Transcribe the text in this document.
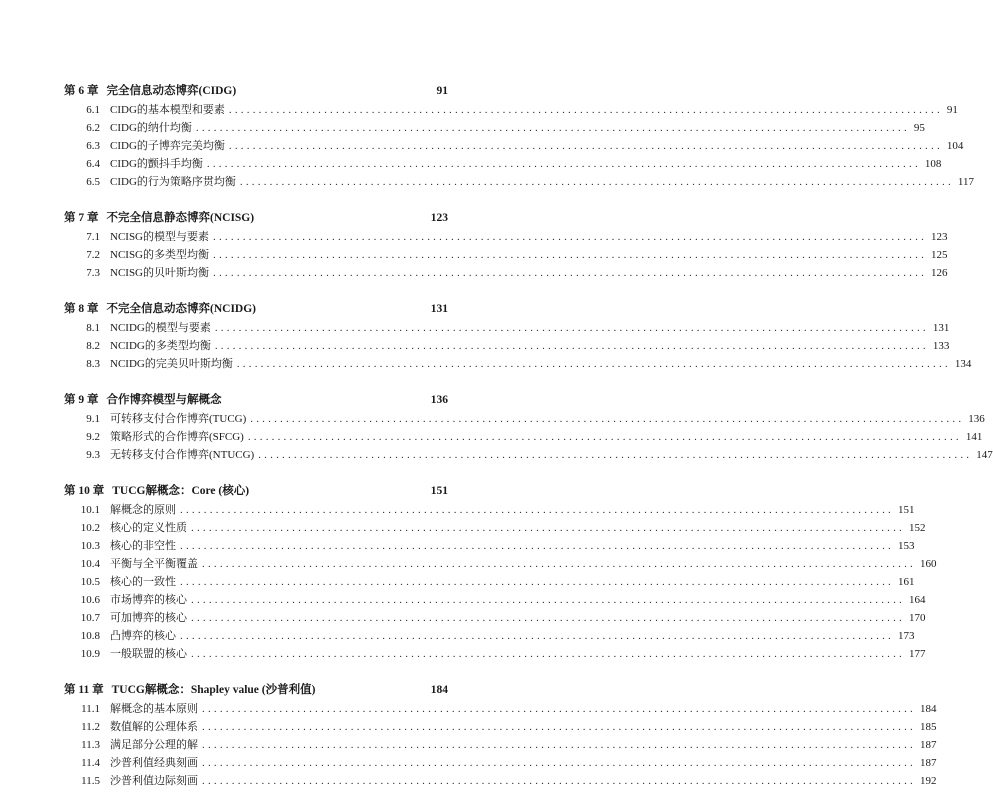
第 6 章 完全信息动态博弈(CIDG)	91
6.1 CIDG的基本模型和要素 ........................................................................................................................ 91
6.2 CIDG的纳什均衡 ........................................................................................................................ 95
6.3 CIDG的子博弈完美均衡 ........................................................................................................................ 104
6.4 CIDG的颤抖手均衡 ........................................................................................................................ 108
6.5 CIDG的行为策略序贯均衡 ........................................................................................................................ 117
第 7 章 不完全信息静态博弈(NCISG)	123
7.1 NCISG的模型与要素 ........................................................................................................................ 123
7.2 NCISG的多类型均衡 ........................................................................................................................ 125
7.3 NCISG的贝叶斯均衡 ........................................................................................................................ 126
第 8 章 不完全信息动态博弈(NCIDG)	131
8.1 NCIDG的模型与要素 ........................................................................................................................ 131
8.2 NCIDG的多类型均衡 ........................................................................................................................ 133
8.3 NCIDG的完美贝叶斯均衡 ........................................................................................................................ 134
第 9 章 合作博弈模型与解概念	136
9.1 可转移支付合作博弈(TUCG) ........................................................................................................................ 136
9.2 策略形式的合作博弈(SFCG) ........................................................................................................................ 141
9.3 无转移支付合作博弈(NTUCG) ........................................................................................................................ 147
第 10 章 TUCG解概念：Core (核心)	151
10.1 解概念的原则 ........................................................................................................................ 151
10.2 核心的定义性质 ........................................................................................................................ 152
10.3 核心的非空性 ........................................................................................................................ 153
10.4 平衡与全平衡覆盖 ........................................................................................................................ 160
10.5 核心的一致性 ........................................................................................................................ 161
10.6 市场博弈的核心 ........................................................................................................................ 164
10.7 可加博弈的核心 ........................................................................................................................ 170
10.8 凸博弈的核心 ........................................................................................................................ 173
10.9 一般联盟的核心 ........................................................................................................................ 177
第 11 章 TUCG解概念：Shapley value (沙普利值)	184
11.1 解概念的基本原则 ........................................................................................................................ 184
11.2 数值解的公理体系 ........................................................................................................................ 185
11.3 满足部分公理的解 ........................................................................................................................ 187
11.4 沙普利值经典刻画 ........................................................................................................................ 187
11.5 沙普利值边际刻画 ........................................................................................................................ 192
